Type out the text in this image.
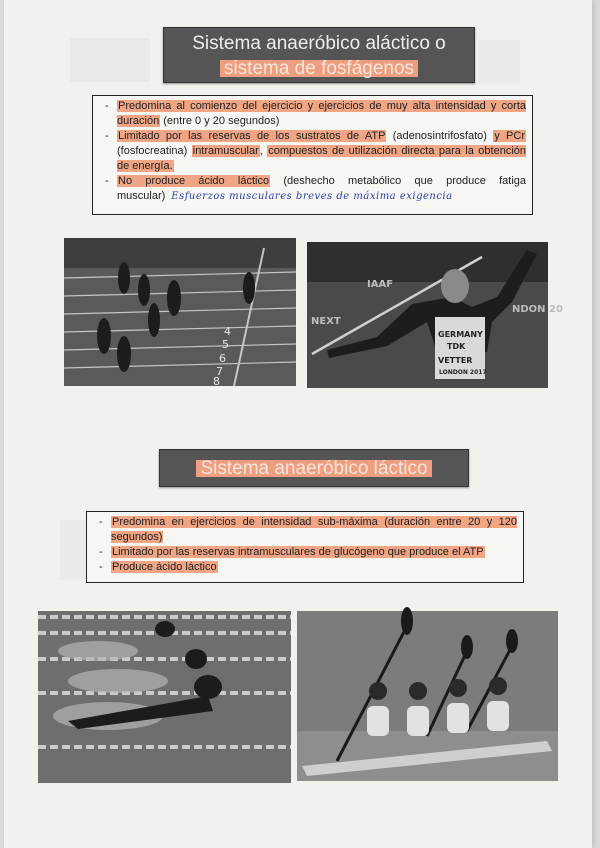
Sistema anaeróbico aláctico o
sistema de fosfágenos
- Predomina al comienzo del ejercicio y ejercicios de muy alta intensidad y corta duración (entre 0 y 20 segundos)
- Limitado por las reservas de los sustratos de ATP (adenosintrifosfato) y PCr (fosfocreatina) intramuscular, compuestos de utilización directa para la obtención de energía.
- No produce ácido láctico (deshecho metabólico que produce fatiga muscular) Esfuerzos musculares breves de máxima exigencia
4
5
6
7
8
IAAF
NEXT
NDON 20
GERMANY
TDK
VETTER
LONDON 2017
Sistema anaeróbico láctico
- Predomina en ejercicios de intensidad sub-máxima (duración entre 20 y 120 segundos)
- Limitado por las reservas intramusculares de glucógeno que produce el ATP
- Produce ácido láctico
